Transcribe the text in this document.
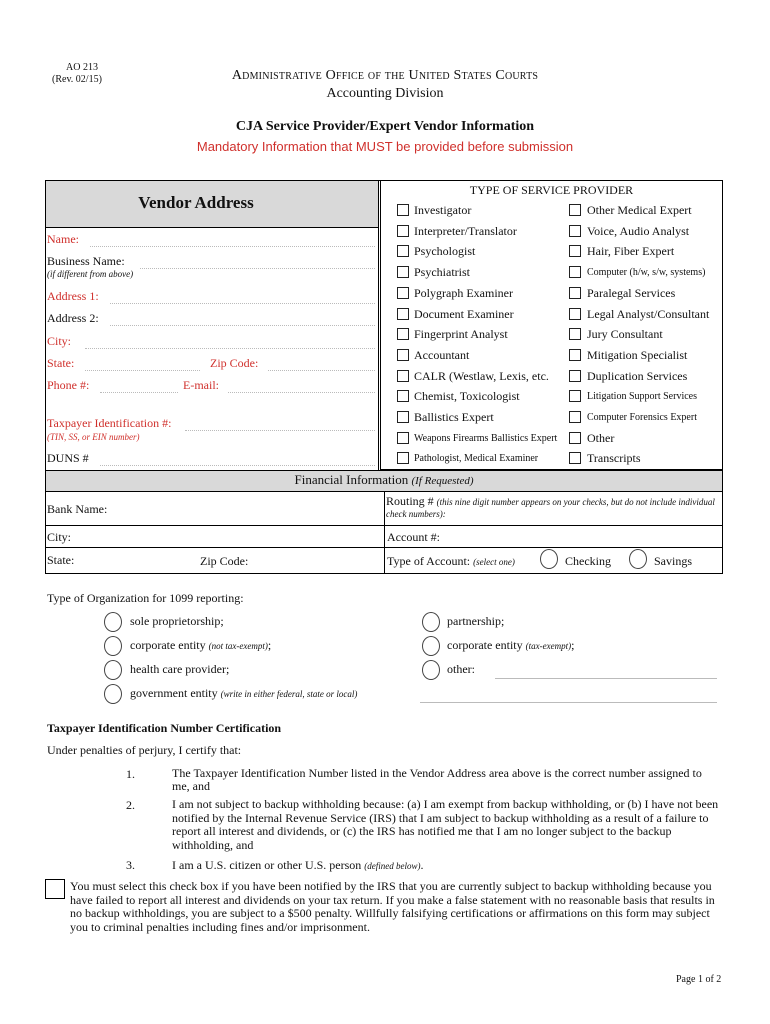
AO 213
(Rev. 02/15)	Administrative Office of the United States Courts
Accounting Division
CJA Service Provider/Expert Vendor Information
Mandatory Information that MUST be provided before submission
Vendor Address
Name:
Business Name:
(if different from above)
Address 1:
Address 2:
City:
State:	Zip Code:
Phone #:	E-mail:
Taxpayer Identification #:
(TIN, SS, or EIN number)
DUNS #
TYPE OF SERVICE PROVIDER
Investigator
Interpreter/Translator
Psychologist
Psychiatrist
Polygraph Examiner
Document Examiner
Fingerprint Analyst
Accountant
CALR (Westlaw, Lexis, etc.
Chemist, Toxicologist
Ballistics Expert
Weapons Firearms Ballistics Expert
Pathologist, Medical Examiner
Other Medical Expert
Voice, Audio Analyst
Hair, Fiber Expert
Computer (h/w, s/w, systems)
Paralegal Services
Legal Analyst/Consultant
Jury Consultant
Mitigation Specialist
Duplication Services
Litigation Support Services
Computer Forensics Expert
Other
Transcripts
Financial Information (If Requested)
Bank Name:
Routing # (this nine digit number appears on your checks, but do not include individual check numbers):
City:	Account #:
State:	Zip Code:	Type of Account: (select one)	Checking	Savings
Type of Organization for 1099 reporting:
sole proprietorship;
corporate entity (not tax-exempt);
health care provider;
government entity (write in either federal, state or local)
partnership;
corporate entity (tax-exempt);
other:
Taxpayer Identification Number Certification
Under penalties of perjury, I certify that:
1.	The Taxpayer Identification Number listed in the Vendor Address area above is the correct number assigned to me, and
2.	I am not subject to backup withholding because: (a) I am exempt from backup withholding, or (b) I have not been notified by the Internal Revenue Service (IRS) that I am subject to backup withholding as a result of a failure to report all interest and dividends, or (c) the IRS has notified me that I am no longer subject to the backup withholding, and
3.	I am a U.S. citizen or other U.S. person (defined below).
You must select this check box if you have been notified by the IRS that you are currently subject to backup withholding because you have failed to report all interest and dividends on your tax return. If you make a false statement with no reasonable basis that results in no backup withholdings, you are subject to a $500 penalty. Willfully falsifying certifications or affirmations on this form may subject you to criminal penalties including fines and/or imprisonment.
Page 1 of 2
